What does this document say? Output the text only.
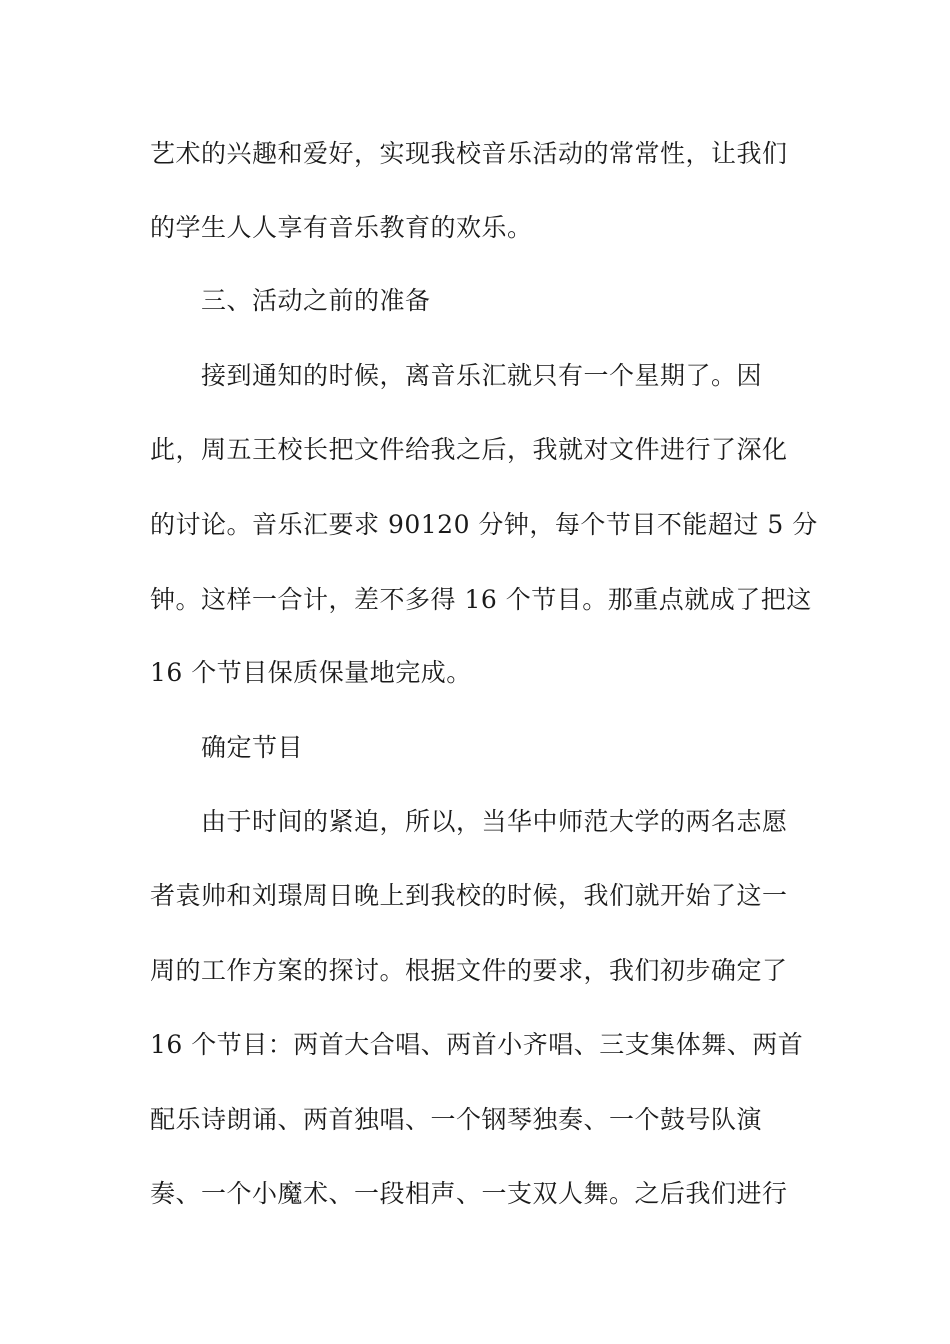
艺术的兴趣和爱好，实现我校音乐活动的常常性，让我们
的学生人人享有音乐教育的欢乐。
三、活动之前的准备
接到通知的时候，离音乐汇就只有一个星期了。因
此，周五王校长把文件给我之后，我就对文件进行了深化
的讨论。音乐汇要求 90120 分钟，每个节目不能超过 5 分
钟。这样一合计，差不多得 16 个节目。那重点就成了把这
16 个节目保质保量地完成。
确定节目
由于时间的紧迫，所以，当华中师范大学的两名志愿
者袁帅和刘璟周日晚上到我校的时候，我们就开始了这一
周的工作方案的探讨。根据文件的要求，我们初步确定了
16 个节目：两首大合唱、两首小齐唱、三支集体舞、两首
配乐诗朗诵、两首独唱、一个钢琴独奏、一个鼓号队演
奏、一个小魔术、一段相声、一支双人舞。之后我们进行
